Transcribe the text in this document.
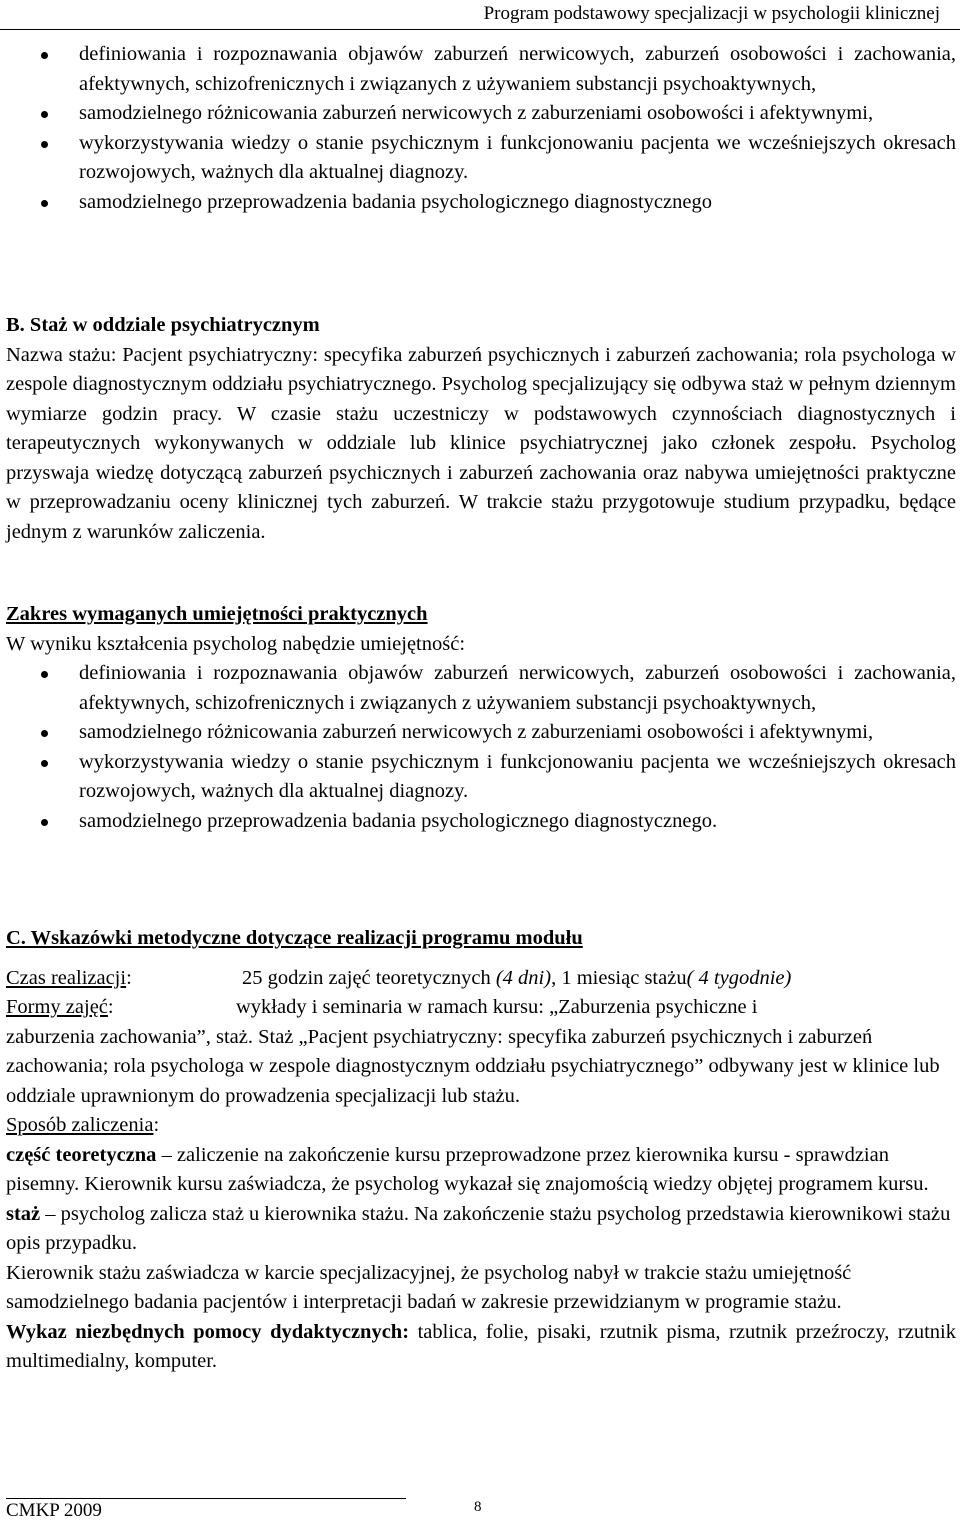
Program podstawowy specjalizacji w psychologii klinicznej
definiowania i rozpoznawania objawów zaburzeń nerwicowych, zaburzeń osobowości i zachowania, afektywnych, schizofrenicznych i związanych z używaniem substancji psychoaktywnych,
samodzielnego różnicowania zaburzeń nerwicowych z zaburzeniami osobowości i afektywnymi,
wykorzystywania wiedzy o stanie psychicznym i funkcjonowaniu pacjenta we wcześniejszych okresach rozwojowych, ważnych dla aktualnej diagnozy.
samodzielnego przeprowadzenia badania psychologicznego diagnostycznego

B. Staż w oddziale psychiatrycznym

Nazwa stażu: Pacjent psychiatryczny: specyfika zaburzeń psychicznych i zaburzeń zachowania; rola psychologa w zespole diagnostycznym oddziału psychiatrycznego. Psycholog specjalizujący się odbywa staż w pełnym dziennym wymiarze godzin pracy. W czasie stażu uczestniczy w podstawowych czynnościach diagnostycznych i terapeutycznych wykonywanych w oddziale lub klinice psychiatrycznej jako członek zespołu. Psycholog przyswaja wiedzę dotyczącą zaburzeń psychicznych i zaburzeń zachowania oraz nabywa umiejętności praktyczne w przeprowadzaniu oceny klinicznej tych zaburzeń. W trakcie stażu przygotowuje studium przypadku, będące jednym z warunków zaliczenia.

Zakres wymaganych umiejętności praktycznych

W wyniku kształcenia psycholog nabędzie umiejętność:

definiowania i rozpoznawania objawów zaburzeń nerwicowych, zaburzeń osobowości i zachowania, afektywnych, schizofrenicznych i związanych z używaniem substancji psychoaktywnych,
samodzielnego różnicowania zaburzeń nerwicowych z zaburzeniami osobowości i afektywnymi,
wykorzystywania wiedzy o stanie psychicznym i funkcjonowaniu pacjenta we wcześniejszych okresach rozwojowych, ważnych dla aktualnej diagnozy.
samodzielnego przeprowadzenia badania psychologicznego diagnostycznego.

C. Wskazówki metodyczne dotyczące realizacji programu modułu

Czas realizacji:	25 godzin zajęć teoretycznych (4 dni), 1 miesiąc stażu( 4 tygodnie)
Formy zajęć:	wykłady i seminaria w ramach kursu: „Zaburzenia psychiczne i

zaburzenia zachowania”, staż. Staż „Pacjent psychiatryczny: specyfika zaburzeń psychicznych i zaburzeń zachowania; rola psychologa w zespole diagnostycznym oddziału psychiatrycznego” odbywany jest w klinice lub oddziale uprawnionym do prowadzenia specjalizacji lub stażu.

Sposób zaliczenia:

część teoretyczna – zaliczenie na zakończenie kursu przeprowadzone przez kierownika kursu - sprawdzian pisemny. Kierownik kursu zaświadcza, że psycholog wykazał się znajomością wiedzy objętej programem kursu.

staż – psycholog zalicza staż u kierownika stażu. Na zakończenie stażu psycholog przedstawia kierownikowi stażu opis przypadku.

Kierownik stażu zaświadcza w karcie specjalizacyjnej, że psycholog nabył w trakcie stażu umiejętność samodzielnego badania pacjentów i interpretacji badań w zakresie przewidzianym w programie stażu.

Wykaz niezbędnych pomocy dydaktycznych: tablica, folie, pisaki, rzutnik pisma, rzutnik przeźroczy, rzutnik multimedialny, komputer.

CMKP 2009	8
